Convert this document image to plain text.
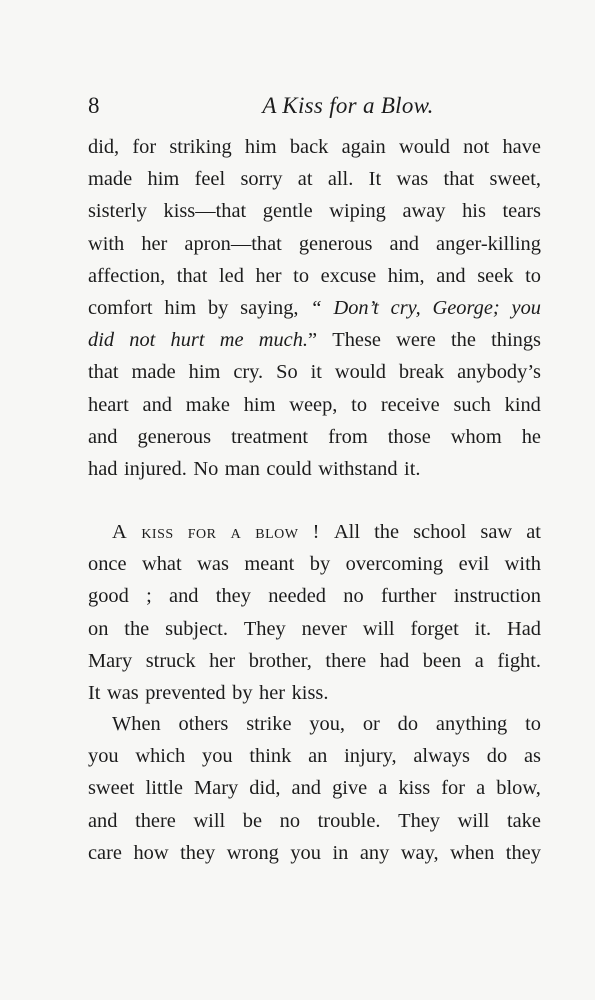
8	A Kiss for a Blow.
did, for striking him back again would not have
made him feel sorry at all. It was that sweet,
sisterly kiss—that gentle wiping away his tears
with her apron—that generous and anger-killing
affection, that led her to excuse him, and seek to
comfort him by saying, “ Don’t cry, George; you
did not hurt me much.” These were the things
that made him cry. So it would break anybody’s
heart and make him weep, to receive such kind
and generous treatment from those whom he
had injured. No man could withstand it.
A kiss for a blow ! All the school saw at
once what was meant by overcoming evil with
good ; and they needed no further instruction
on the subject. They never will forget it. Had
Mary struck her brother, there had been a fight.
It was prevented by her kiss.
When others strike you, or do anything to
you which you think an injury, always do as
sweet little Mary did, and give a kiss for a blow,
and there will be no trouble. They will take
care how they wrong you in any way, when they
